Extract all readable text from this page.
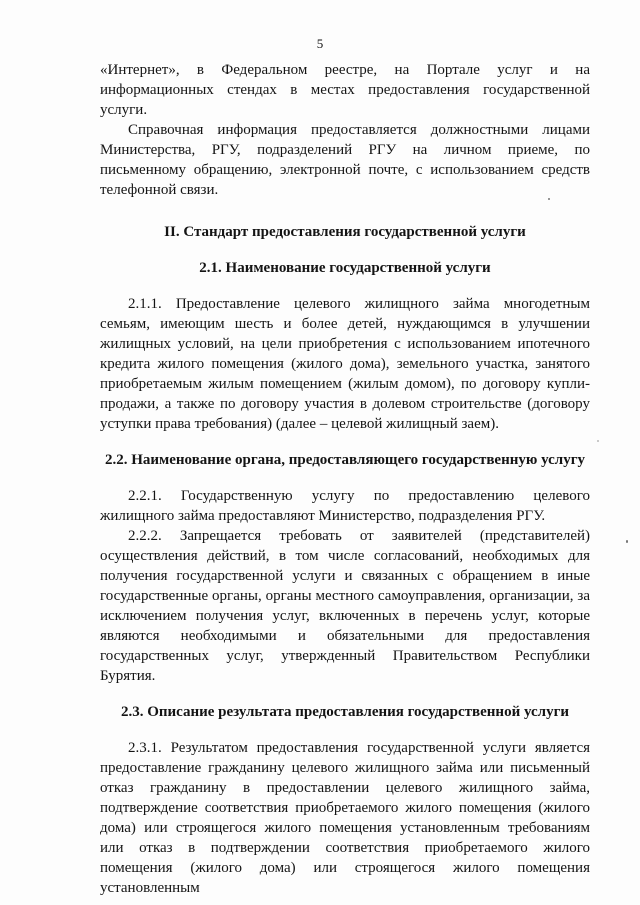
5

«Интернет», в Федеральном реестре, на Портале услуг и на информационных стендах в местах предоставления государственной услуги.

Справочная информация предоставляется должностными лицами Министерства, РГУ, подразделений РГУ на личном приеме, по письменному обращению, электронной почте, с использованием средств телефонной связи.

II. Стандарт предоставления государственной услуги
2.1. Наименование государственной услуги

2.1.1. Предоставление целевого жилищного займа многодетным семьям, имеющим шесть и более детей, нуждающимся в улучшении жилищных условий, на цели приобретения с использованием ипотечного кредита жилого помещения (жилого дома), земельного участка, занятого приобретаемым жилым помещением (жилым домом), по договору купли-продажи, а также по договору участия в долевом строительстве (договору уступки права требования) (далее – целевой жилищный заем).

2.2. Наименование органа, предоставляющего государственную услугу

2.2.1. Государственную услугу по предоставлению целевого жилищного займа предоставляют Министерство, подразделения РГУ.

2.2.2. Запрещается требовать от заявителей (представителей) осуществления действий, в том числе согласований, необходимых для получения государственной услуги и связанных с обращением в иные государственные органы, органы местного самоуправления, организации, за исключением получения услуг, включенных в перечень услуг, которые являются необходимыми и обязательными для предоставления государственных услуг, утвержденный Правительством Республики Бурятия.

2.3. Описание результата предоставления государственной услуги

2.3.1. Результатом предоставления государственной услуги является предоставление гражданину целевого жилищного займа или письменный отказ гражданину в предоставлении целевого жилищного займа, подтверждение соответствия приобретаемого жилого помещения (жилого дома) или строящегося жилого помещения установленным требованиям или отказ в подтверждении соответствия приобретаемого жилого помещения (жилого дома) или строящегося жилого помещения установленным
